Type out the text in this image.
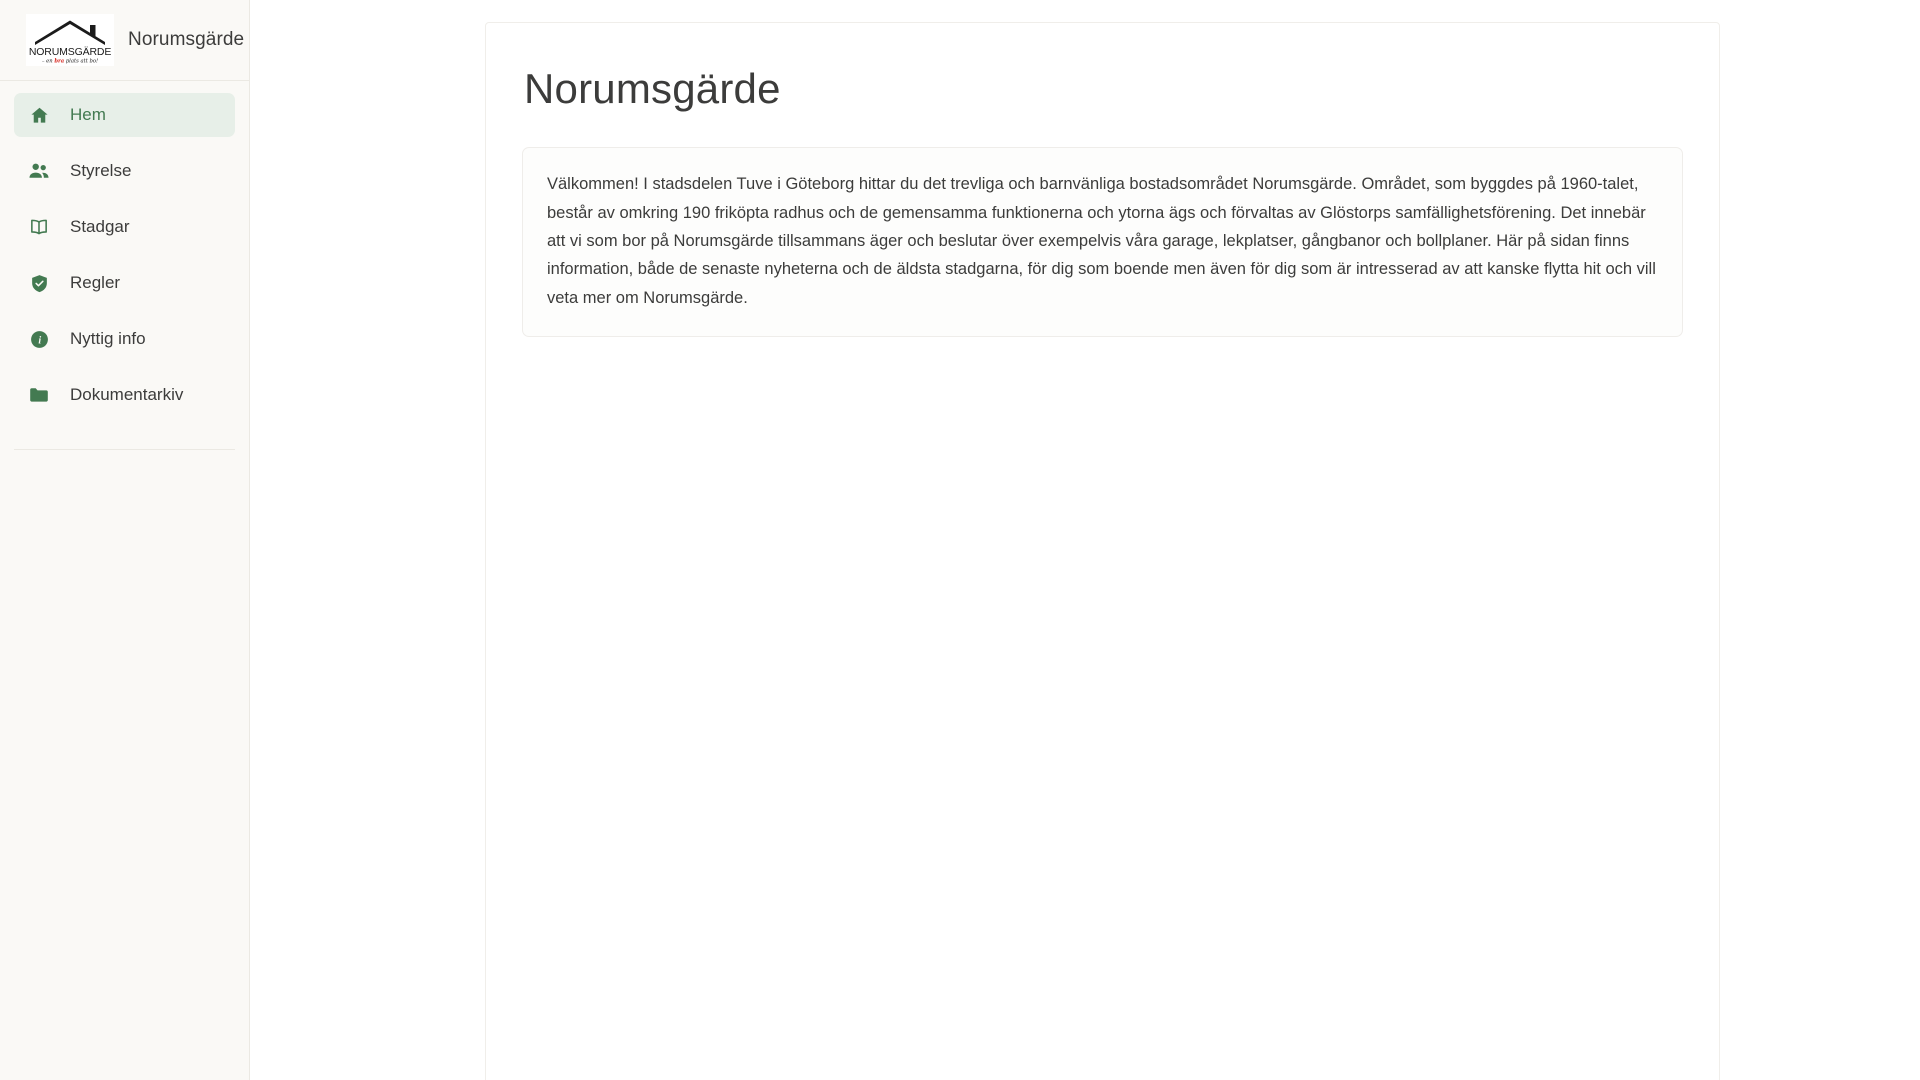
NORUMSGÄRDE
– en bra plats att bo!
Norumsgärde
Hem
Styrelse
Stadgar
Regler
i Nyttig info
Dokumentarkiv
Norumsgärde

Välkommen! I stadsdelen Tuve i Göteborg hittar du det trevliga och barnvänliga bostadsområdet Norumsgärde. Området, som byggdes på 1960-talet, består av omkring 190 friköpta radhus och de gemensamma funktionerna och ytorna ägs och förvaltas av Glöstorps samfällighetsförening. Det innebär att vi som bor på Norumsgärde tillsammans äger och beslutar över exempelvis våra garage, lekplatser, gångbanor och bollplaner. Här på sidan finns information, både de senaste nyheterna och de äldsta stadgarna, för dig som boende men även för dig som är intresserad av att kanske flytta hit och vill veta mer om Norumsgärde.
